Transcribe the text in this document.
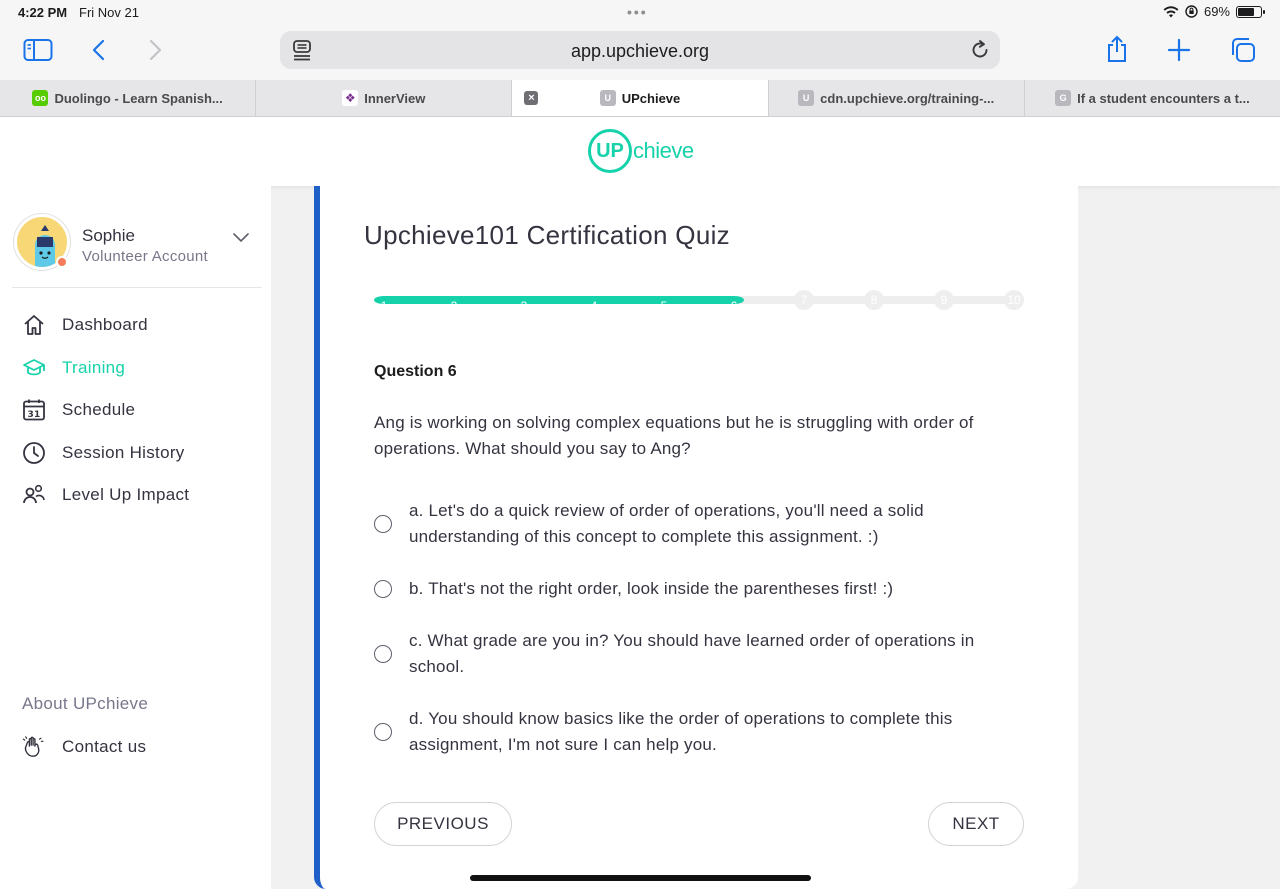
4:22 PM Fri Nov 21	•••	69%
app.upchieve.org
oo Duolingo - Learn Spanish...	❖ InnerView	×	U UPchieve	U cdn.upchieve.org/training-...	G If a student encounters a t...
UP chieve
Sophie
Volunteer Account
Dashboard
Training
31 Schedule
Session History
Level Up Impact
About UPchieve
Contact us
Upchieve101 Certification Quiz
1	2	3	4	5	6	7	8	9	10
Question 6
Ang is working on solving complex equations but he is struggling with order of operations. What should you say to Ang?
a. Let's do a quick review of order of operations, you'll need a solid understanding of this concept to complete this assignment. :)
b. That's not the right order, look inside the parentheses first! :)
c. What grade are you in? You should have learned order of operations in school.
d. You should know basics like the order of operations to complete this assignment, I'm not sure I can help you.
PREVIOUS	NEXT
